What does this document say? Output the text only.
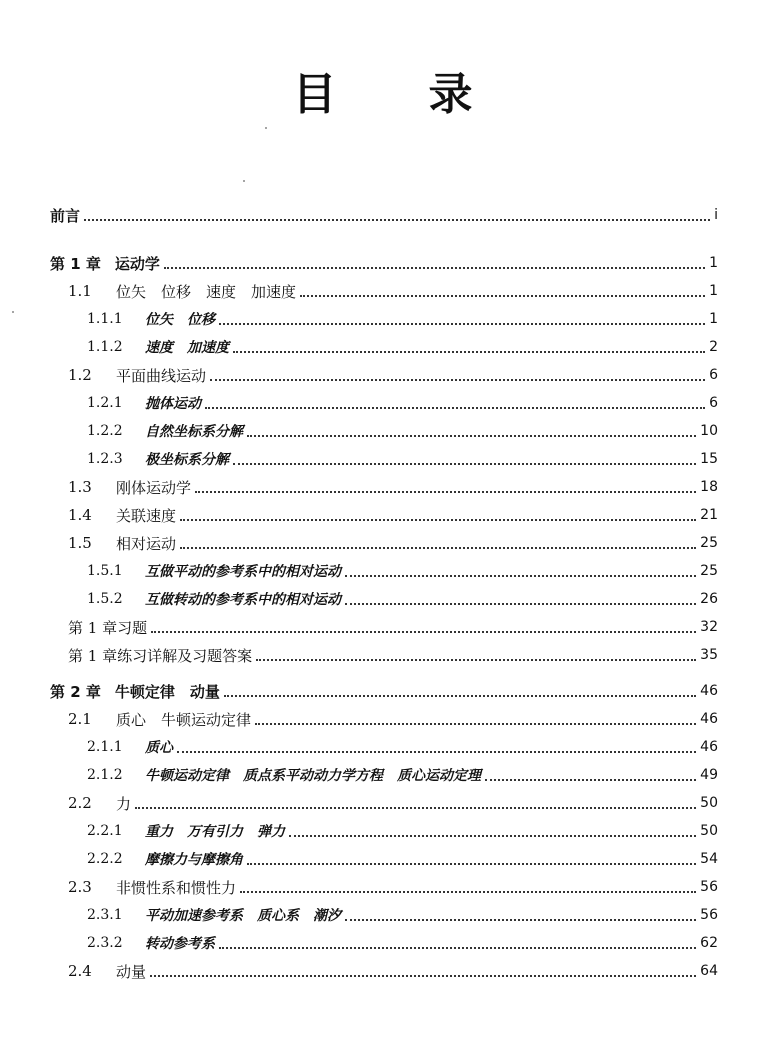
目 录
前言	i
第 1 章 运动学	1
1.1	位矢　位移　速度　加速度	1
1.1.1	位矢　位移	1
1.1.2	速度　加速度	2
1.2	平面曲线运动	6
1.2.1	抛体运动	6
1.2.2	自然坐标系分解	10
1.2.3	极坐标系分解	15
1.3	刚体运动学	18
1.4	关联速度	21
1.5	相对运动	25
1.5.1	互做平动的参考系中的相对运动	25
1.5.2	互做转动的参考系中的相对运动	26
第 1 章习题	32
第 1 章练习详解及习题答案	35
第 2 章 牛顿定律　动量	46
2.1	质心　牛顿运动定律	46
2.1.1	质心	46
2.1.2	牛顿运动定律　质点系平动动力学方程　质心运动定理	49
2.2	力	50
2.2.1	重力　万有引力　弹力	50
2.2.2	摩擦力与摩擦角	54
2.3	非惯性系和惯性力	56
2.3.1	平动加速参考系　质心系　潮汐	56
2.3.2	转动参考系	62
2.4	动量	64
